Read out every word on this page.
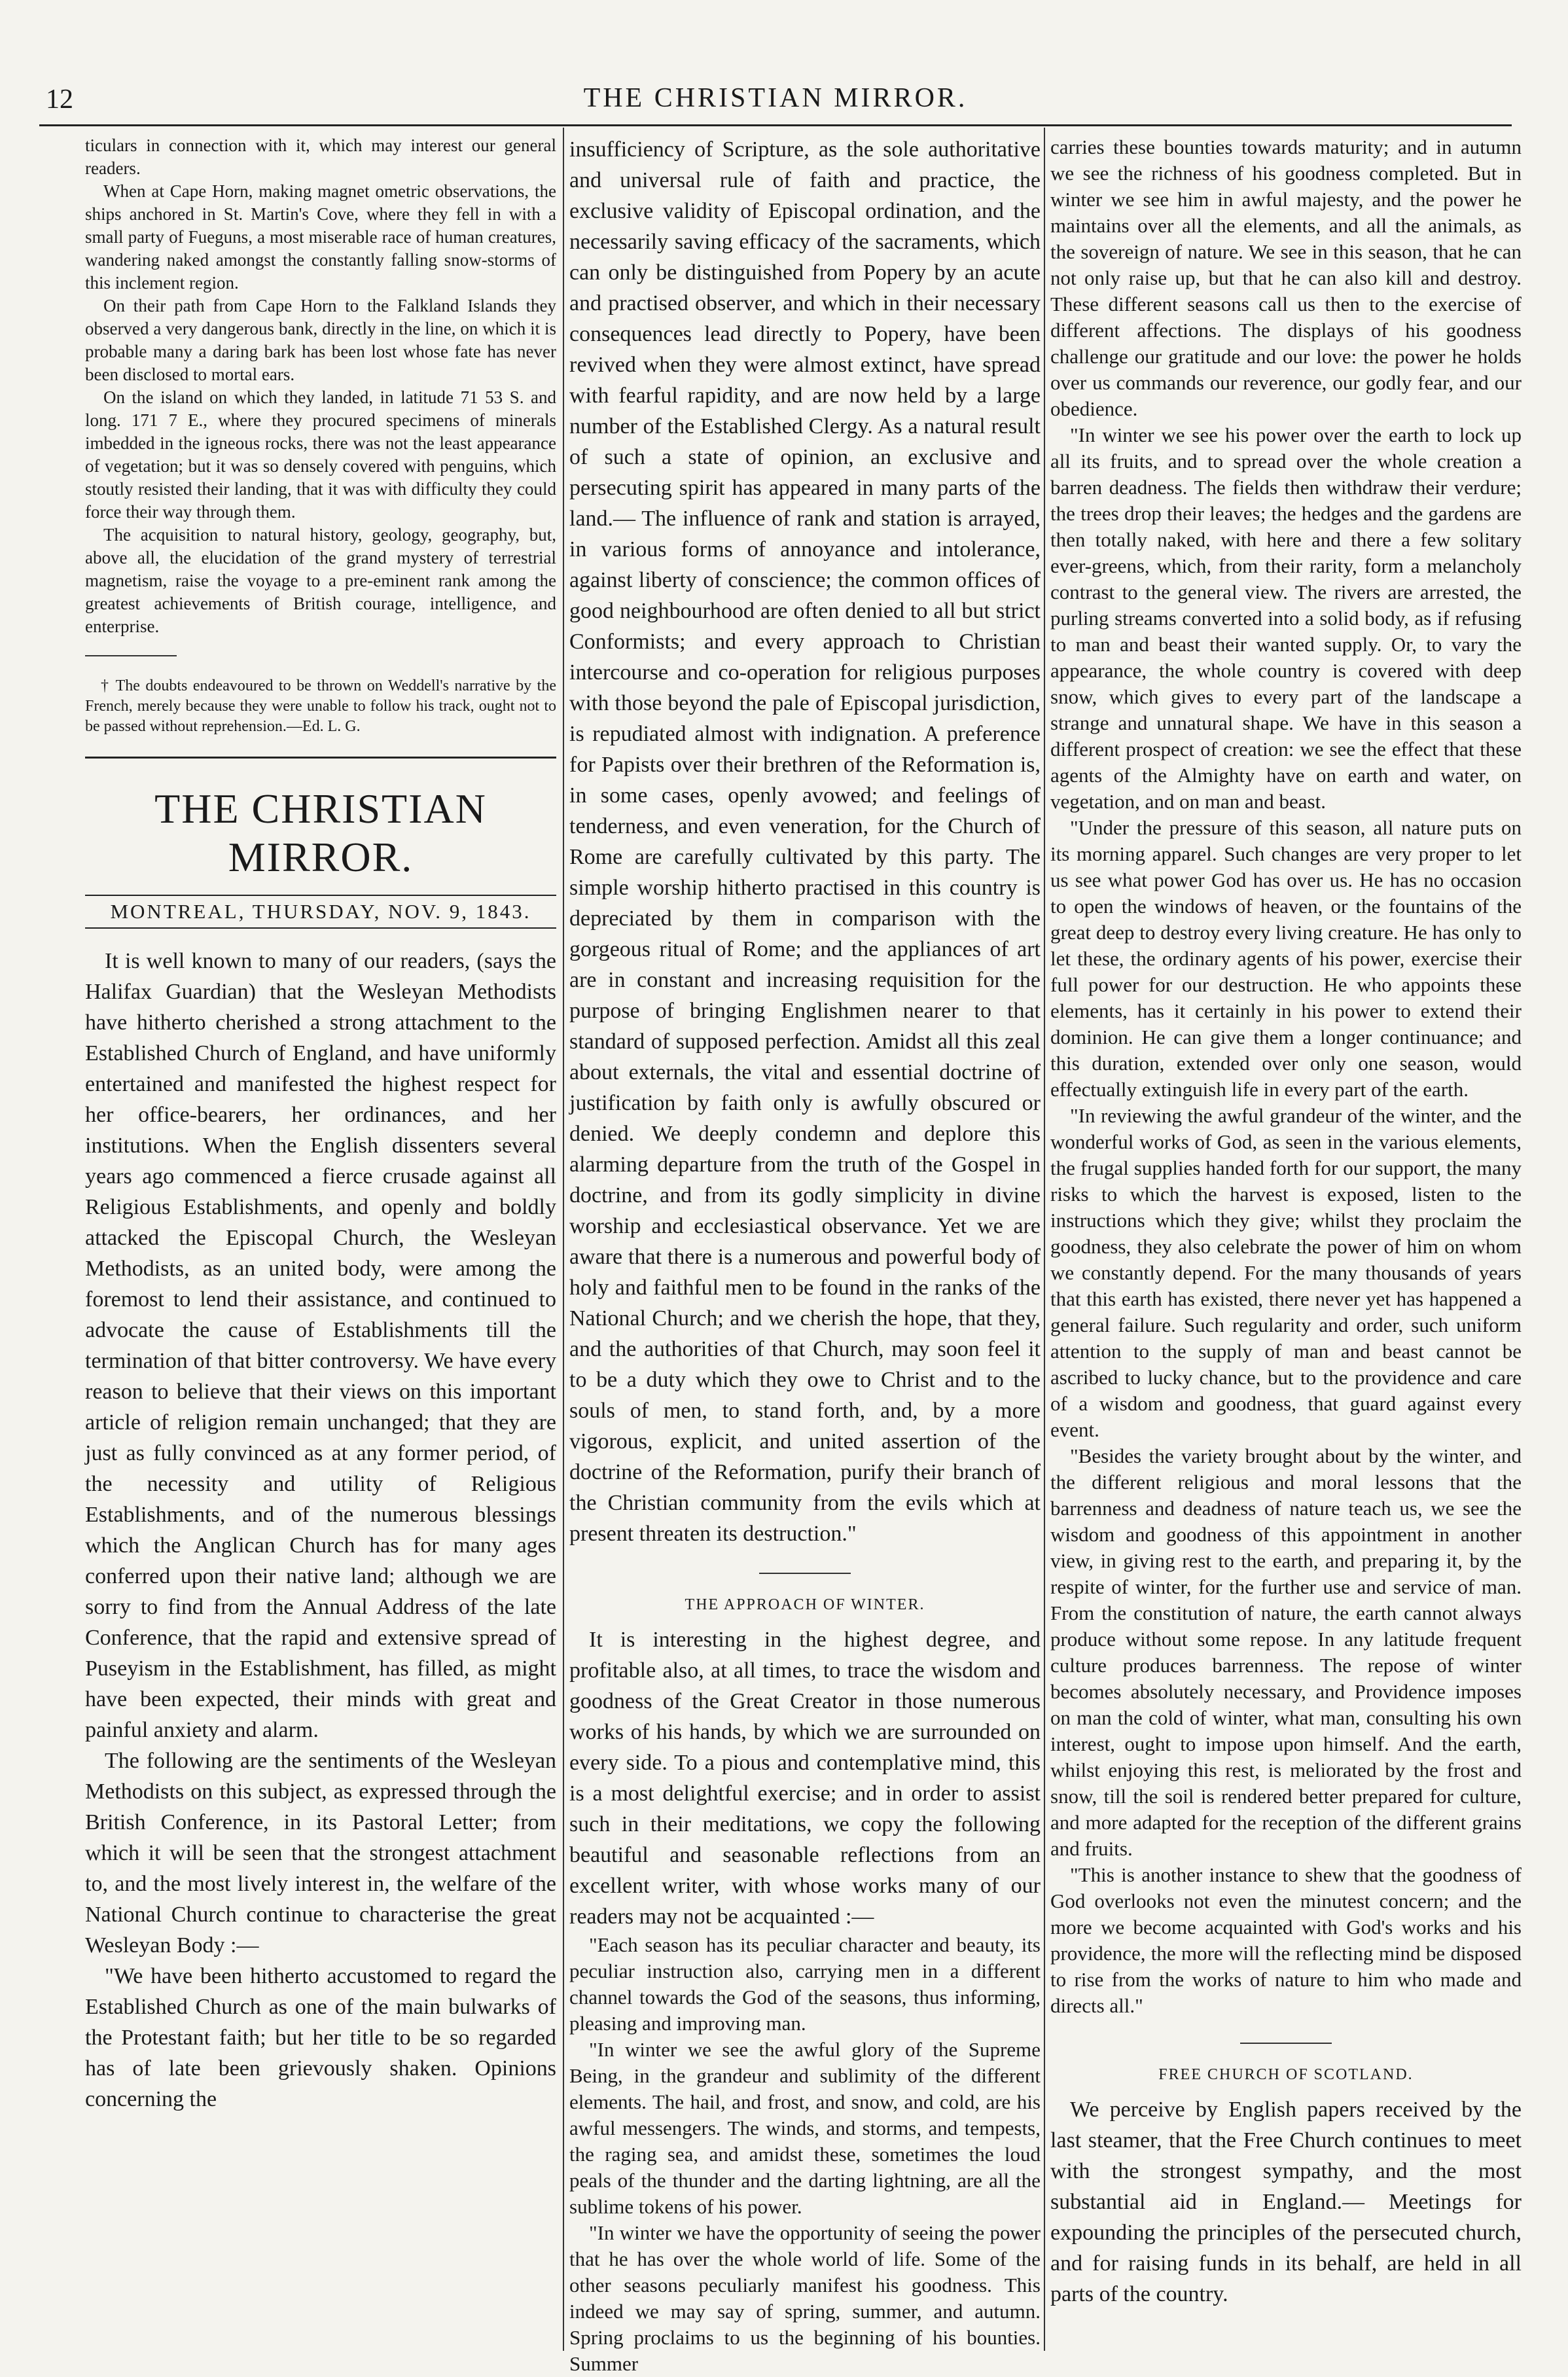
12	THE CHRISTIAN MIRROR.

ticulars in connection with it, which may interest our general readers.

When at Cape Horn, making magnet ometric observations, the ships anchored in St. Martin's Cove, where they fell in with a small party of Fueguns, a most miserable race of human creatures, wandering naked amongst the constantly falling snow-storms of this inclement region.

On their path from Cape Horn to the Falkland Islands they observed a very dangerous bank, directly in the line, on which it is probable many a daring bark has been lost whose fate has never been disclosed to mortal ears.

On the island on which they landed, in latitude 71 53 S. and long. 171 7 E., where they procured specimens of minerals imbedded in the igneous rocks, there was not the least appearance of vegetation; but it was so densely covered with penguins, which stoutly resisted their landing, that it was with difficulty they could force their way through them.

The acquisition to natural history, geology, geography, but, above all, the elucidation of the grand mystery of terrestrial magnetism, raise the voyage to a pre-eminent rank among the greatest achievements of British courage, intelligence, and enterprise.

† The doubts endeavoured to be thrown on Weddell's narrative by the French, merely because they were unable to follow his track, ought not to be passed without reprehension.—Ed. L. G.

THE CHRISTIAN MIRROR.
MONTREAL, THURSDAY, NOV. 9, 1843.

It is well known to many of our readers, (says the Halifax Guardian) that the Wesleyan Methodists have hitherto cherished a strong attachment to the Established Church of England, and have uniformly entertained and manifested the highest respect for her office-bearers, her ordinances, and her institutions. When the English dissenters several years ago commenced a fierce crusade against all Religious Establishments, and openly and boldly attacked the Episcopal Church, the Wesleyan Methodists, as an united body, were among the foremost to lend their assistance, and continued to advocate the cause of Establishments till the termination of that bitter controversy. We have every reason to believe that their views on this important article of religion remain unchanged; that they are just as fully convinced as at any former period, of the necessity and utility of Religious Establishments, and of the numerous blessings which the Anglican Church has for many ages conferred upon their native land; although we are sorry to find from the Annual Address of the late Conference, that the rapid and extensive spread of Puseyism in the Establishment, has filled, as might have been expected, their minds with great and painful anxiety and alarm.

The following are the sentiments of the Wesleyan Methodists on this subject, as expressed through the British Conference, in its Pastoral Letter; from which it will be seen that the strongest attachment to, and the most lively interest in, the welfare of the National Church continue to characterise the great Wesleyan Body :—

"We have been hitherto accustomed to regard the Established Church as one of the main bulwarks of the Protestant faith; but her title to be so regarded has of late been grievously shaken. Opinions concerning the

insufficiency of Scripture, as the sole authoritative and universal rule of faith and practice, the exclusive validity of Episcopal ordination, and the necessarily saving efficacy of the sacraments, which can only be distinguished from Popery by an acute and practised observer, and which in their necessary consequences lead directly to Popery, have been revived when they were almost extinct, have spread with fearful rapidity, and are now held by a large number of the Established Clergy. As a natural result of such a state of opinion, an exclusive and persecuting spirit has appeared in many parts of the land.— The influence of rank and station is arrayed, in various forms of annoyance and intolerance, against liberty of conscience; the common offices of good neighbourhood are often denied to all but strict Conformists; and every approach to Christian intercourse and co-operation for religious purposes with those beyond the pale of Episcopal jurisdiction, is repudiated almost with indignation. A preference for Papists over their brethren of the Reformation is, in some cases, openly avowed; and feelings of tenderness, and even veneration, for the Church of Rome are carefully cultivated by this party. The simple worship hitherto practised in this country is depreciated by them in comparison with the gorgeous ritual of Rome; and the appliances of art are in constant and increasing requisition for the purpose of bringing Englishmen nearer to that standard of supposed perfection. Amidst all this zeal about externals, the vital and essential doctrine of justification by faith only is awfully obscured or denied. We deeply condemn and deplore this alarming departure from the truth of the Gospel in doctrine, and from its godly simplicity in divine worship and ecclesiastical observance. Yet we are aware that there is a numerous and powerful body of holy and faithful men to be found in the ranks of the National Church; and we cherish the hope, that they, and the authorities of that Church, may soon feel it to be a duty which they owe to Christ and to the souls of men, to stand forth, and, by a more vigorous, explicit, and united assertion of the doctrine of the Reformation, purify their branch of the Christian community from the evils which at present threaten its destruction."

THE APPROACH OF WINTER.

It is interesting in the highest degree, and profitable also, at all times, to trace the wisdom and goodness of the Great Creator in those numerous works of his hands, by which we are surrounded on every side. To a pious and contemplative mind, this is a most delightful exercise; and in order to assist such in their meditations, we copy the following beautiful and seasonable reflections from an excellent writer, with whose works many of our readers may not be acquainted :—

"Each season has its peculiar character and beauty, its peculiar instruction also, carrying men in a different channel towards the God of the seasons, thus informing, pleasing and improving man.

"In winter we see the awful glory of the Supreme Being, in the grandeur and sublimity of the different elements. The hail, and frost, and snow, and cold, are his awful messengers. The winds, and storms, and tempests, the raging sea, and amidst these, sometimes the loud peals of the thunder and the darting lightning, are all the sublime tokens of his power.

"In winter we have the opportunity of seeing the power that he has over the whole world of life. Some of the other seasons peculiarly manifest his goodness. This indeed we may say of spring, summer, and autumn. Spring proclaims to us the beginning of his bounties. Summer

carries these bounties towards maturity; and in autumn we see the richness of his goodness completed. But in winter we see him in awful majesty, and the power he maintains over all the elements, and all the animals, as the sovereign of nature. We see in this season, that he can not only raise up, but that he can also kill and destroy. These different seasons call us then to the exercise of different affections. The displays of his goodness challenge our gratitude and our love: the power he holds over us commands our reverence, our godly fear, and our obedience.

"In winter we see his power over the earth to lock up all its fruits, and to spread over the whole creation a barren deadness. The fields then withdraw their verdure; the trees drop their leaves; the hedges and the gardens are then totally naked, with here and there a few solitary ever-greens, which, from their rarity, form a melancholy contrast to the general view. The rivers are arrested, the purling streams converted into a solid body, as if refusing to man and beast their wanted supply. Or, to vary the appearance, the whole country is covered with deep snow, which gives to every part of the landscape a strange and unnatural shape. We have in this season a different prospect of creation: we see the effect that these agents of the Almighty have on earth and water, on vegetation, and on man and beast.

"Under the pressure of this season, all nature puts on its morning apparel. Such changes are very proper to let us see what power God has over us. He has no occasion to open the windows of heaven, or the fountains of the great deep to destroy every living creature. He has only to let these, the ordinary agents of his power, exercise their full power for our destruction. He who appoints these elements, has it certainly in his power to extend their dominion. He can give them a longer continuance; and this duration, extended over only one season, would effectually extinguish life in every part of the earth.

"In reviewing the awful grandeur of the winter, and the wonderful works of God, as seen in the various elements, the frugal supplies handed forth for our support, the many risks to which the harvest is exposed, listen to the instructions which they give; whilst they proclaim the goodness, they also celebrate the power of him on whom we constantly depend. For the many thousands of years that this earth has existed, there never yet has happened a general failure. Such regularity and order, such uniform attention to the supply of man and beast cannot be ascribed to lucky chance, but to the providence and care of a wisdom and goodness, that guard against every event.

"Besides the variety brought about by the winter, and the different religious and moral lessons that the barrenness and deadness of nature teach us, we see the wisdom and goodness of this appointment in another view, in giving rest to the earth, and preparing it, by the respite of winter, for the further use and service of man. From the constitution of nature, the earth cannot always produce without some repose. In any latitude frequent culture produces barrenness. The repose of winter becomes absolutely necessary, and Providence imposes on man the cold of winter, what man, consulting his own interest, ought to impose upon himself. And the earth, whilst enjoying this rest, is meliorated by the frost and snow, till the soil is rendered better prepared for culture, and more adapted for the reception of the different grains and fruits.

"This is another instance to shew that the goodness of God overlooks not even the minutest concern; and the more we become acquainted with God's works and his providence, the more will the reflecting mind be disposed to rise from the works of nature to him who made and directs all."

FREE CHURCH OF SCOTLAND.

We perceive by English papers received by the last steamer, that the Free Church continues to meet with the strongest sympathy, and the most substantial aid in England.— Meetings for expounding the principles of the persecuted church, and for raising funds in its behalf, are held in all parts of the country.
